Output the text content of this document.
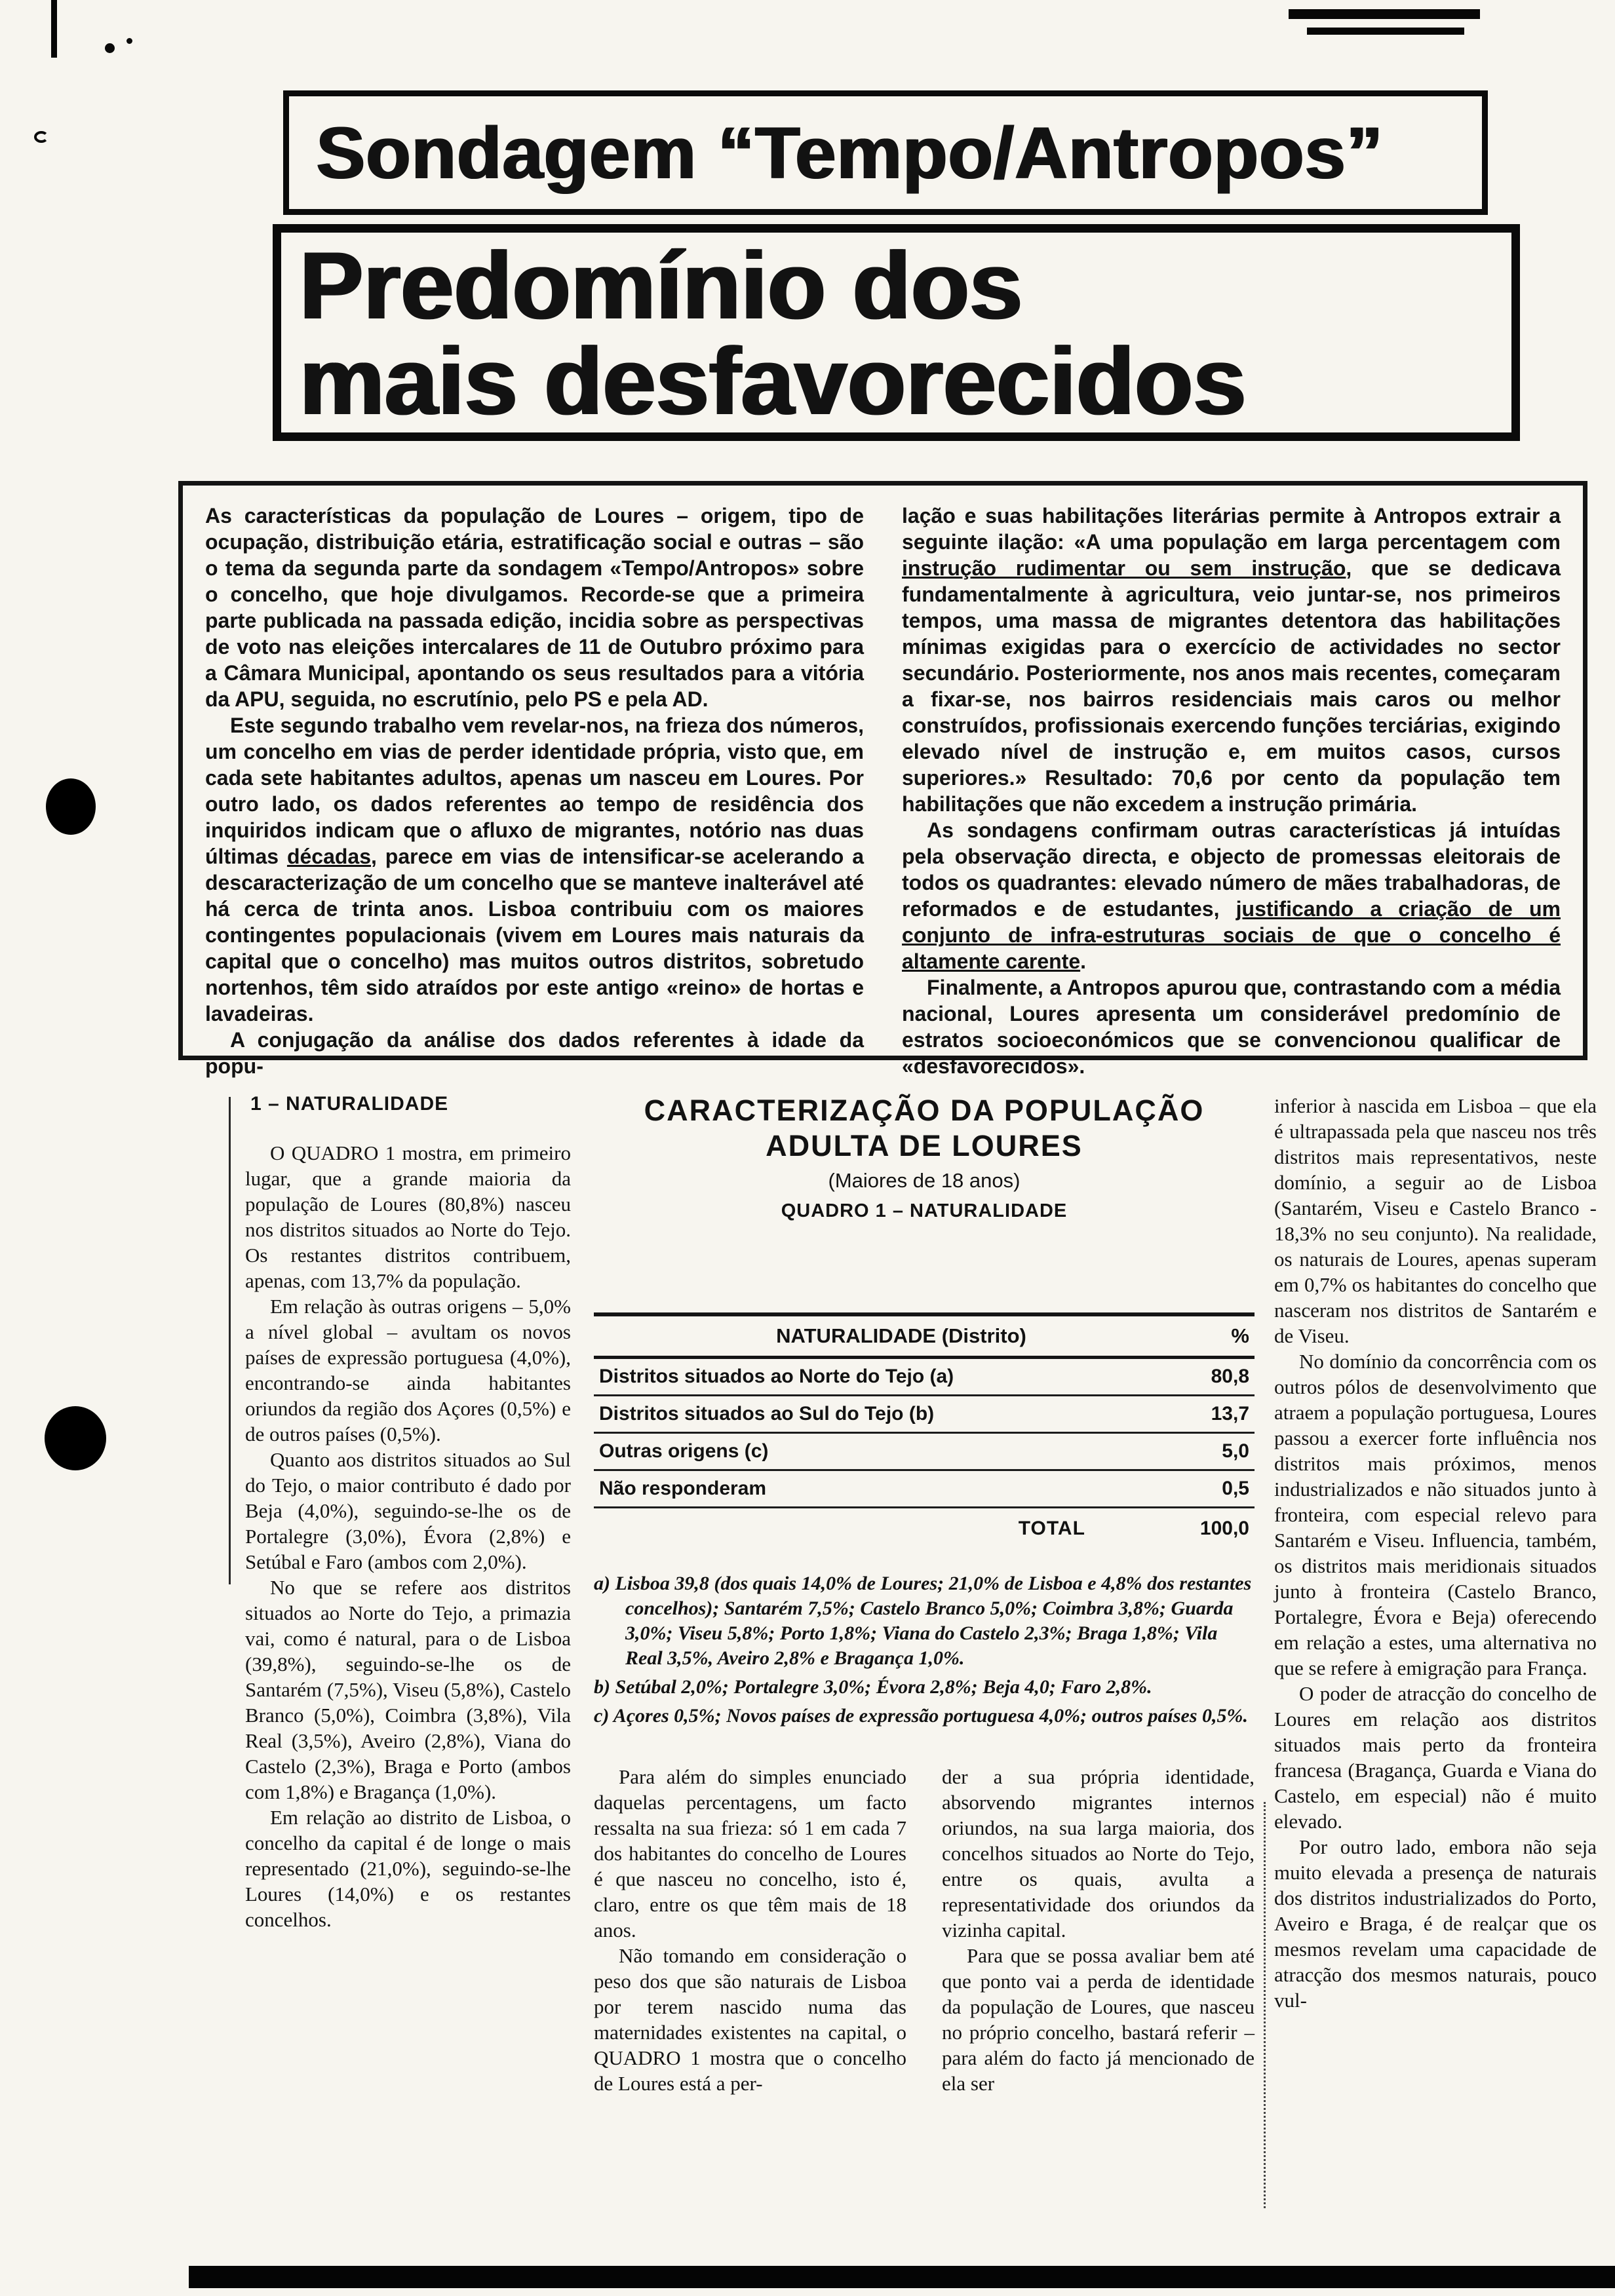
Sondagem “Tempo/Antropos”
Predomínio dos
mais desfavorecidos

As características da população de Loures – origem, tipo de ocupação, distribuição etária, estratificação social e outras – são o tema da segunda parte da sondagem «Tempo/Antropos» sobre o concelho, que hoje divulgamos. Recorde-se que a primeira parte publicada na passada edição, incidia sobre as perspectivas de voto nas eleições intercalares de 11 de Outubro próximo para a Câmara Municipal, apontando os seus resultados para a vitória da APU, seguida, no escrutínio, pelo PS e pela AD.

Este segundo trabalho vem revelar-nos, na frieza dos números, um concelho em vias de perder identidade própria, visto que, em cada sete habitantes adultos, apenas um nasceu em Loures. Por outro lado, os dados referentes ao tempo de residência dos inquiridos indicam que o afluxo de migrantes, notório nas duas últimas décadas, parece em vias de intensificar-se acelerando a descaracterização de um concelho que se manteve inalterável até há cerca de trinta anos. Lisboa contribuiu com os maiores contingentes populacionais (vivem em Loures mais naturais da capital que o concelho) mas muitos outros distritos, sobretudo nortenhos, têm sido atraídos por este antigo «reino» de hortas e lavadeiras.

A conjugação da análise dos dados referentes à idade da popu-

lação e suas habilitações literárias permite à Antropos extrair a seguinte ilação: «A uma população em larga percentagem com instrução rudimentar ou sem instrução, que se dedicava fundamentalmente à agricultura, veio juntar-se, nos primeiros tempos, uma massa de migrantes detentora das habilitações mínimas exigidas para o exercício de actividades no sector secundário. Posteriormente, nos anos mais recentes, começaram a fixar-se, nos bairros residenciais mais caros ou melhor construídos, profissionais exercendo funções terciárias, exigindo elevado nível de instrução e, em muitos casos, cursos superiores.» Resultado: 70,6 por cento da população tem habilitações que não excedem a instrução primária.

As sondagens confirmam outras características já intuídas pela observação directa, e objecto de promessas eleitorais de todos os quadrantes: elevado número de mães trabalhadoras, de reformados e de estudantes, justificando a criação de um conjunto de infra-estruturas sociais de que o concelho é altamente carente.

Finalmente, a Antropos apurou que, contrastando com a média nacional, Loures apresenta um considerável predomínio de estratos socioeconómicos que se convencionou qualificar de «desfavorecidos».

1 – NATURALIDADE

O QUADRO 1 mostra, em primeiro lugar, que a grande maioria da população de Loures (80,8%) nasceu nos distritos situados ao Norte do Tejo. Os restantes distritos contribuem, apenas, com 13,7% da população.

Em relação às outras origens – 5,0% a nível global – avultam os novos países de expressão portuguesa (4,0%), encontrando-se ainda habitantes oriundos da região dos Açores (0,5%) e de outros países (0,5%).

Quanto aos distritos situados ao Sul do Tejo, o maior contributo é dado por Beja (4,0%), seguindo-se-lhe os de Portalegre (3,0%), Évora (2,8%) e Setúbal e Faro (ambos com 2,0%).

No que se refere aos distritos situados ao Norte do Tejo, a primazia vai, como é natural, para o de Lisboa (39,8%), seguindo-se-lhe os de Santarém (7,5%), Viseu (5,8%), Castelo Branco (5,0%), Coimbra (3,8%), Vila Real (3,5%), Aveiro (2,8%), Viana do Castelo (2,3%), Braga e Porto (ambos com 1,8%) e Bragança (1,0%).

Em relação ao distrito de Lisboa, o concelho da capital é de longe o mais representado (21,0%), seguindo-se-lhe Loures (14,0%) e os restantes concelhos.

CARACTERIZAÇÃO DA POPULAÇÃO
ADULTA DE LOURES
(Maiores de 18 anos)
QUADRO 1 – NATURALIDADE
NATURALIDADE (Distrito)	%
Distritos situados ao Norte do Tejo (a)	80,8
Distritos situados ao Sul do Tejo (b)	13,7
Outras origens (c)	5,0
Não responderam	0,5
TOTAL	100,0

a) Lisboa 39,8 (dos quais 14,0% de Loures; 21,0% de Lisboa e 4,8% dos restantes concelhos); Santarém 7,5%; Castelo Branco 5,0%; Coimbra 3,8%; Guarda 3,0%; Viseu 5,8%; Porto 1,8%; Viana do Castelo 2,3%; Braga 1,8%; Vila Real 3,5%, Aveiro 2,8% e Bragança 1,0%.

b) Setúbal 2,0%; Portalegre 3,0%; Évora 2,8%; Beja 4,0; Faro 2,8%.

c) Açores 0,5%; Novos países de expressão portuguesa 4,0%; outros países 0,5%.

Para além do simples enunciado daquelas percentagens, um facto ressalta na sua frieza: só 1 em cada 7 dos habitantes do concelho de Loures é que nasceu no concelho, isto é, claro, entre os que têm mais de 18 anos.

Não tomando em consideração o peso dos que são naturais de Lisboa por terem nascido numa das maternidades existentes na capital, o QUADRO 1 mostra que o concelho de Loures está a per-

der a sua própria identidade, absorvendo migrantes internos oriundos, na sua larga maioria, dos concelhos situados ao Norte do Tejo, entre os quais, avulta a representatividade dos oriundos da vizinha capital.

Para que se possa avaliar bem até que ponto vai a perda de identidade da população de Loures, que nasceu no próprio concelho, bastará referir – para além do facto já mencionado de ela ser

inferior à nascida em Lisboa – que ela é ultrapassada pela que nasceu nos três distritos mais representativos, neste domínio, a seguir ao de Lisboa (Santarém, Viseu e Castelo Branco - 18,3% no seu conjunto). Na realidade, os naturais de Loures, apenas superam em 0,7% os habitantes do concelho que nasceram nos distritos de Santarém e de Viseu.

No domínio da concorrência com os outros pólos de desenvolvimento que atraem a população portuguesa, Loures passou a exercer forte influência nos distritos mais próximos, menos industrializados e não situados junto à fronteira, com especial relevo para Santarém e Viseu. Influencia, também, os distritos mais meridionais situados junto à fronteira (Castelo Branco, Portalegre, Évora e Beja) oferecendo em relação a estes, uma alternativa no que se refere à emigração para França.

O poder de atracção do concelho de Loures em relação aos distritos situados mais perto da fronteira francesa (Bragança, Guarda e Viana do Castelo, em especial) não é muito elevado.

Por outro lado, embora não seja muito elevada a presença de naturais dos distritos industrializados do Porto, Aveiro e Braga, é de realçar que os mesmos revelam uma capacidade de atracção dos mesmos naturais, pouco vul-
